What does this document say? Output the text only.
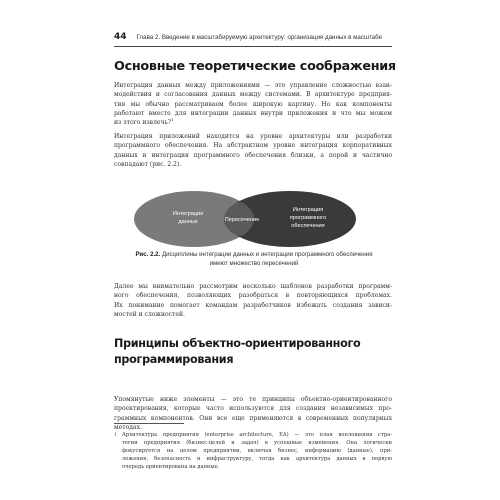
44 Глава 2. Введение в масштабируемую архитектуру: организация данных в масштабе
Основные теоретические соображения
Интеграция данных между приложениями — это управление сложностью взаи-
модействия и согласования данных между системами. В архитектуре предприя-
тия мы обычно рассматриваем более широкую картину. Но как компоненты
работают вместе для интеграции данных внутри приложения и что мы можем
из этого извлечь?$^1$
Интеграция приложений находится на уровне архитектуры или разработки
программного обеспечения. На абстрактном уровне интеграция корпоративных
данных и интеграция программного обеспечения близки, а порой и частично
совпадают (рис. 2.2).
Интеграция
данных	Пересечение
Интеграция
программного
обеспечения
Рис. 2.2. Дисциплины интеграции данных и интеграции программного обеспечения
имеют множество пересечений
Далее мы внимательно рассмотрим несколько шаблонов разработки программ-
ного обеспечения, позволяющих разобраться в повторяющихся проблемах.
Их понимание помогает командам разработчиков избежать создания зависи-
мостей и сложностей.
Принципы объектно-ориентированного
программирования
Упомянутые ниже элементы — это те принципы объектно-ориентированного
проектирования, которые часто используются для создания независимых про-
граммных компонентов. Они все еще применяются в современных популярных
методах.
1 Архитектура предприятия (enterprise architecture, EA) — это план воплощения стра-
тегии предприятия (бизнес-целей и задач) в успешные изменения. Она логически
фокусируется на целом предприятии, включая бизнес, информацию (данные), при-
ложения, безопасность и инфраструктуру, тогда как архитектура данных в первую
очередь ориентирована на данные.
